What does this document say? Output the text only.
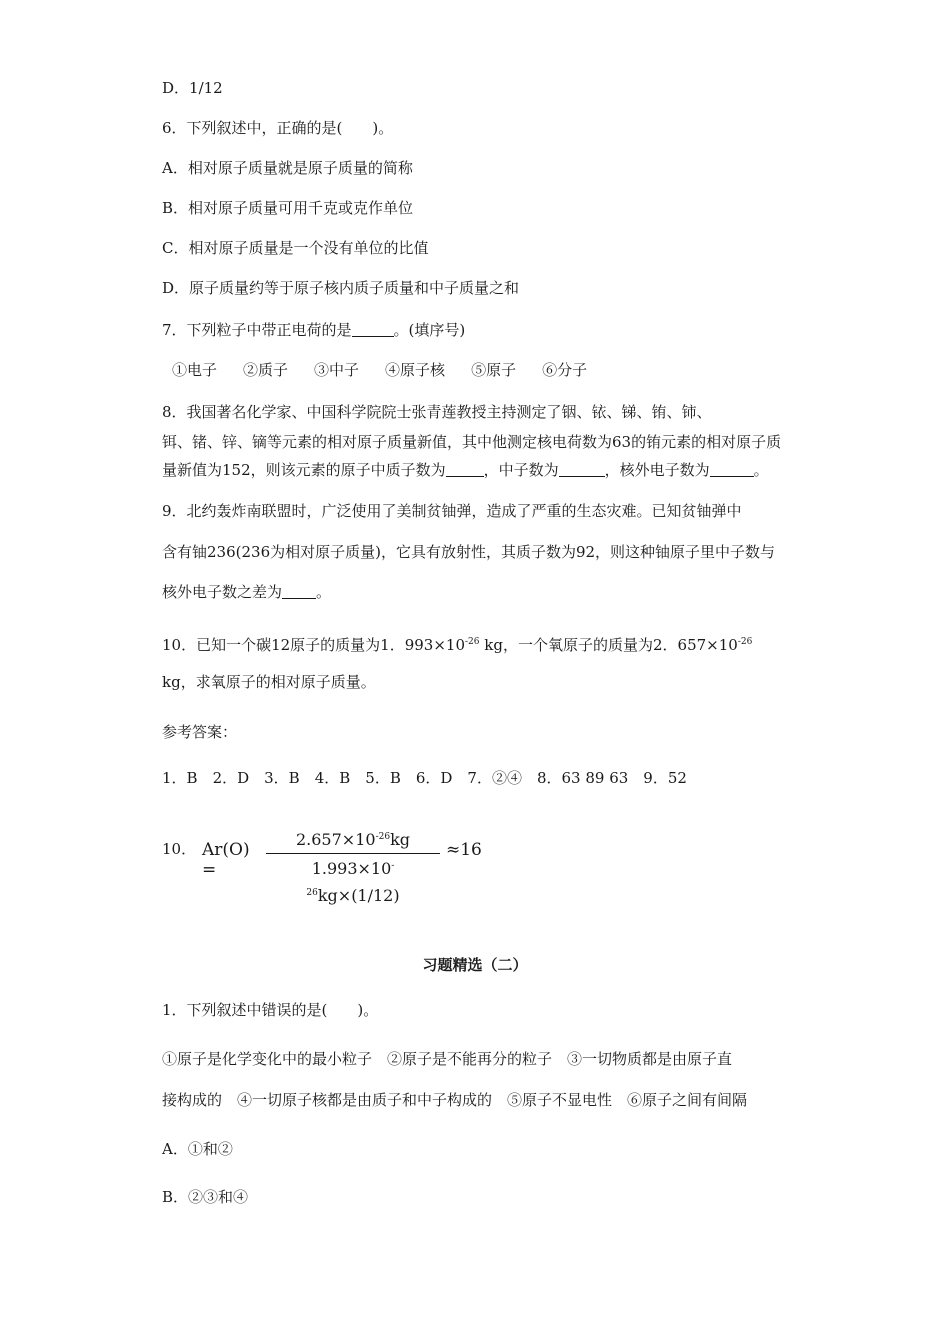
D．1/12
6．下列叙述中，正确的是(　　)。
A．相对原子质量就是原子质量的简称
B．相对原子质量可用千克或克作单位
C．相对原子质量是一个没有单位的比值
D．原子质量约等于原子核内质子质量和中子质量之和
7．下列粒子中带正电荷的是	。(填序号)
①电子 ②质子 ③中子 ④原子核 ⑤原子 ⑥分子
8．我国著名化学家、中国科学院院士张青莲教授主持测定了铟、铱、锑、铕、铈、
铒、锗、锌、镝等元素的相对原子质量新值，其中他测定核电荷数为63的铕元素的相对原子质
量新值为152，则该元素的原子中质子数为	，中子数为	，核外电子数为	。
9．北约轰炸南联盟时，广泛使用了美制贫铀弹，造成了严重的生态灾难。已知贫铀弹中
含有铀236(236为相对原子质量)，它具有放射性，其质子数为92，则这种铀原子里中子数与
核外电子数之差为 。
10．已知一个碳12原子的质量为1．$993\times 10^{-26}$ kg，一个氧原子的质量为2．$657\times 10^{-26}$
kg，求氧原子的相对原子质量。
参考答案：
1．B　2．D　3．B　4．B　5．B　6．D　7．②④　8．63 89 63　9．52
10． Ar(O) =	$\frac{2.657\times 10^{-26}kg}{1.993\times 10^{-26}kg\times(1/12)} \approx 16$
习题精选（二）
1．下列叙述中错误的是(　　)。
①原子是化学变化中的最小粒子　②原子是不能再分的粒子　③一切物质都是由原子直
接构成的　④一切原子核都是由质子和中子构成的　⑤原子不显电性　⑥原子之间有间隔
A．①和②
B．②③和④
